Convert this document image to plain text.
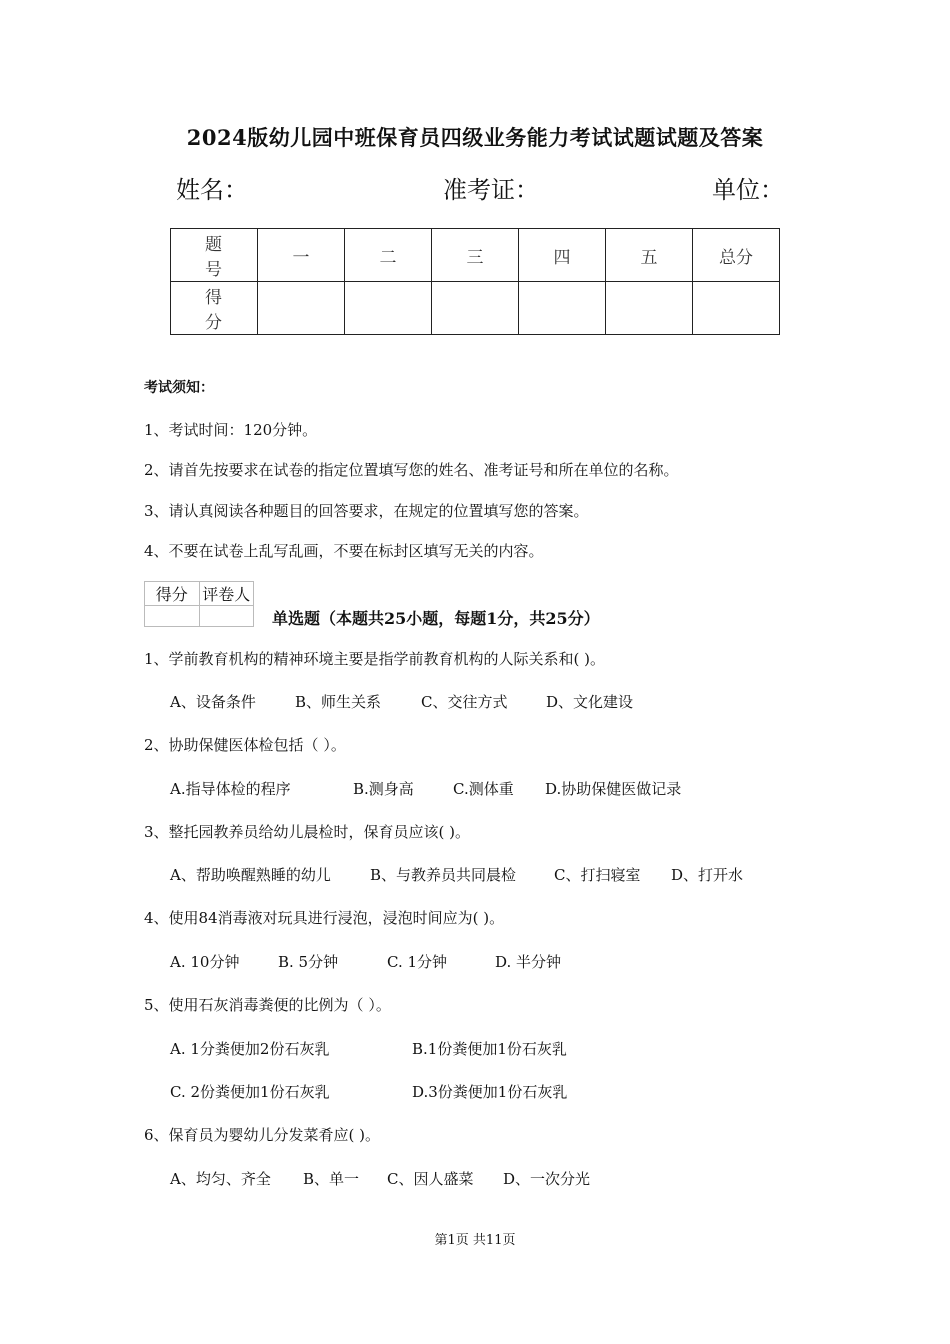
2024版幼儿园中班保育员四级业务能力考试试题试题及答案
姓名：	准考证：	单位：
题 号	一	二	三	四	五	总分
得 分						
考试须知：
1、考试时间：120分钟。
2、请首先按要求在试卷的指定位置填写您的姓名、准考证号和所在单位的名称。
3、请认真阅读各种题目的回答要求，在规定的位置填写您的答案。
4、不要在试卷上乱写乱画，不要在标封区填写无关的内容。
得分	评卷人

单选题（本题共25小题，每题1分，共25分）
1、学前教育机构的精神环境主要是指学前教育机构的人际关系和( )。
A、设备条件	B、师生关系	C、交往方式	D、文化建设
2、协助保健医体检包括（ ）。
A.指导体检的程序	B.测身高	C.测体重 D.协助保健医做记录
3、整托园教养员给幼儿晨检时，保育员应该( )。
A、帮助唤醒熟睡的幼儿	B、与教养员共同晨检	C、打扫寝室 D、打开水
4、使用84消毒液对玩具进行浸泡，浸泡时间应为( )。
A. 10分钟	B. 5分钟	C. 1分钟	D. 半分钟
5、使用石灰消毒粪便的比例为（ ）。
A. 1分粪便加2份石灰乳	B.1份粪便加1份石灰乳
C. 2份粪便加1份石灰乳	D.3份粪便加1份石灰乳
6、保育员为婴幼儿分发菜肴应( )。
A、均匀、齐全 B、单一 C、因人盛菜 D、一次分光
第1页 共11页
